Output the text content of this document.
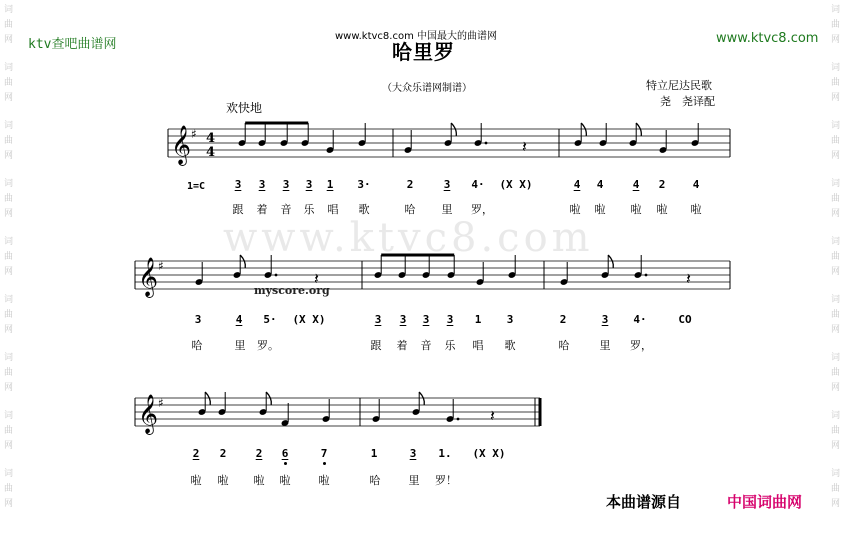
词
曲
网
词
曲
网
词
曲
网
词
曲
网
词
曲
网
词
曲
网
词
曲
网
词
曲
网
词
曲
网
词
曲
网
词
曲
网
词
曲
网
词
曲
网
词
曲
网
词
曲
网
词
曲
网
词
曲
网
词
曲
网
ktv查吧曲谱网	www.ktvc8.com
www.ktvc8.com 中国最大的曲谱网
哈里罗
（大众乐谱网制谱）	特立尼达民歌
尧　尧译配
欢快地
1=C
www.ktvc8.com
𝄞 ♯ 4
4
𝄞 ♯
𝄞 ♯
𝄽
𝄽	𝄽
𝄽
myscore.org
3 3 3 3 1 3·	2	3 4· (X X)	4 4	4 2 4
3	4 5· (X X)	3 3 3 3 1 3	2	3 4·	CO
2 2	2 6	7	1	3 1. (X X)
跟 着 音 乐 唱 歌	哈 里 罗，	啦 啦 啦 啦 啦
哈	里 罗。	跟 着 音 乐 唱 歌	哈	里 罗，
啦 啦 啦 啦	啦	哈	里 罗！
本曲谱源自	中国词曲网
